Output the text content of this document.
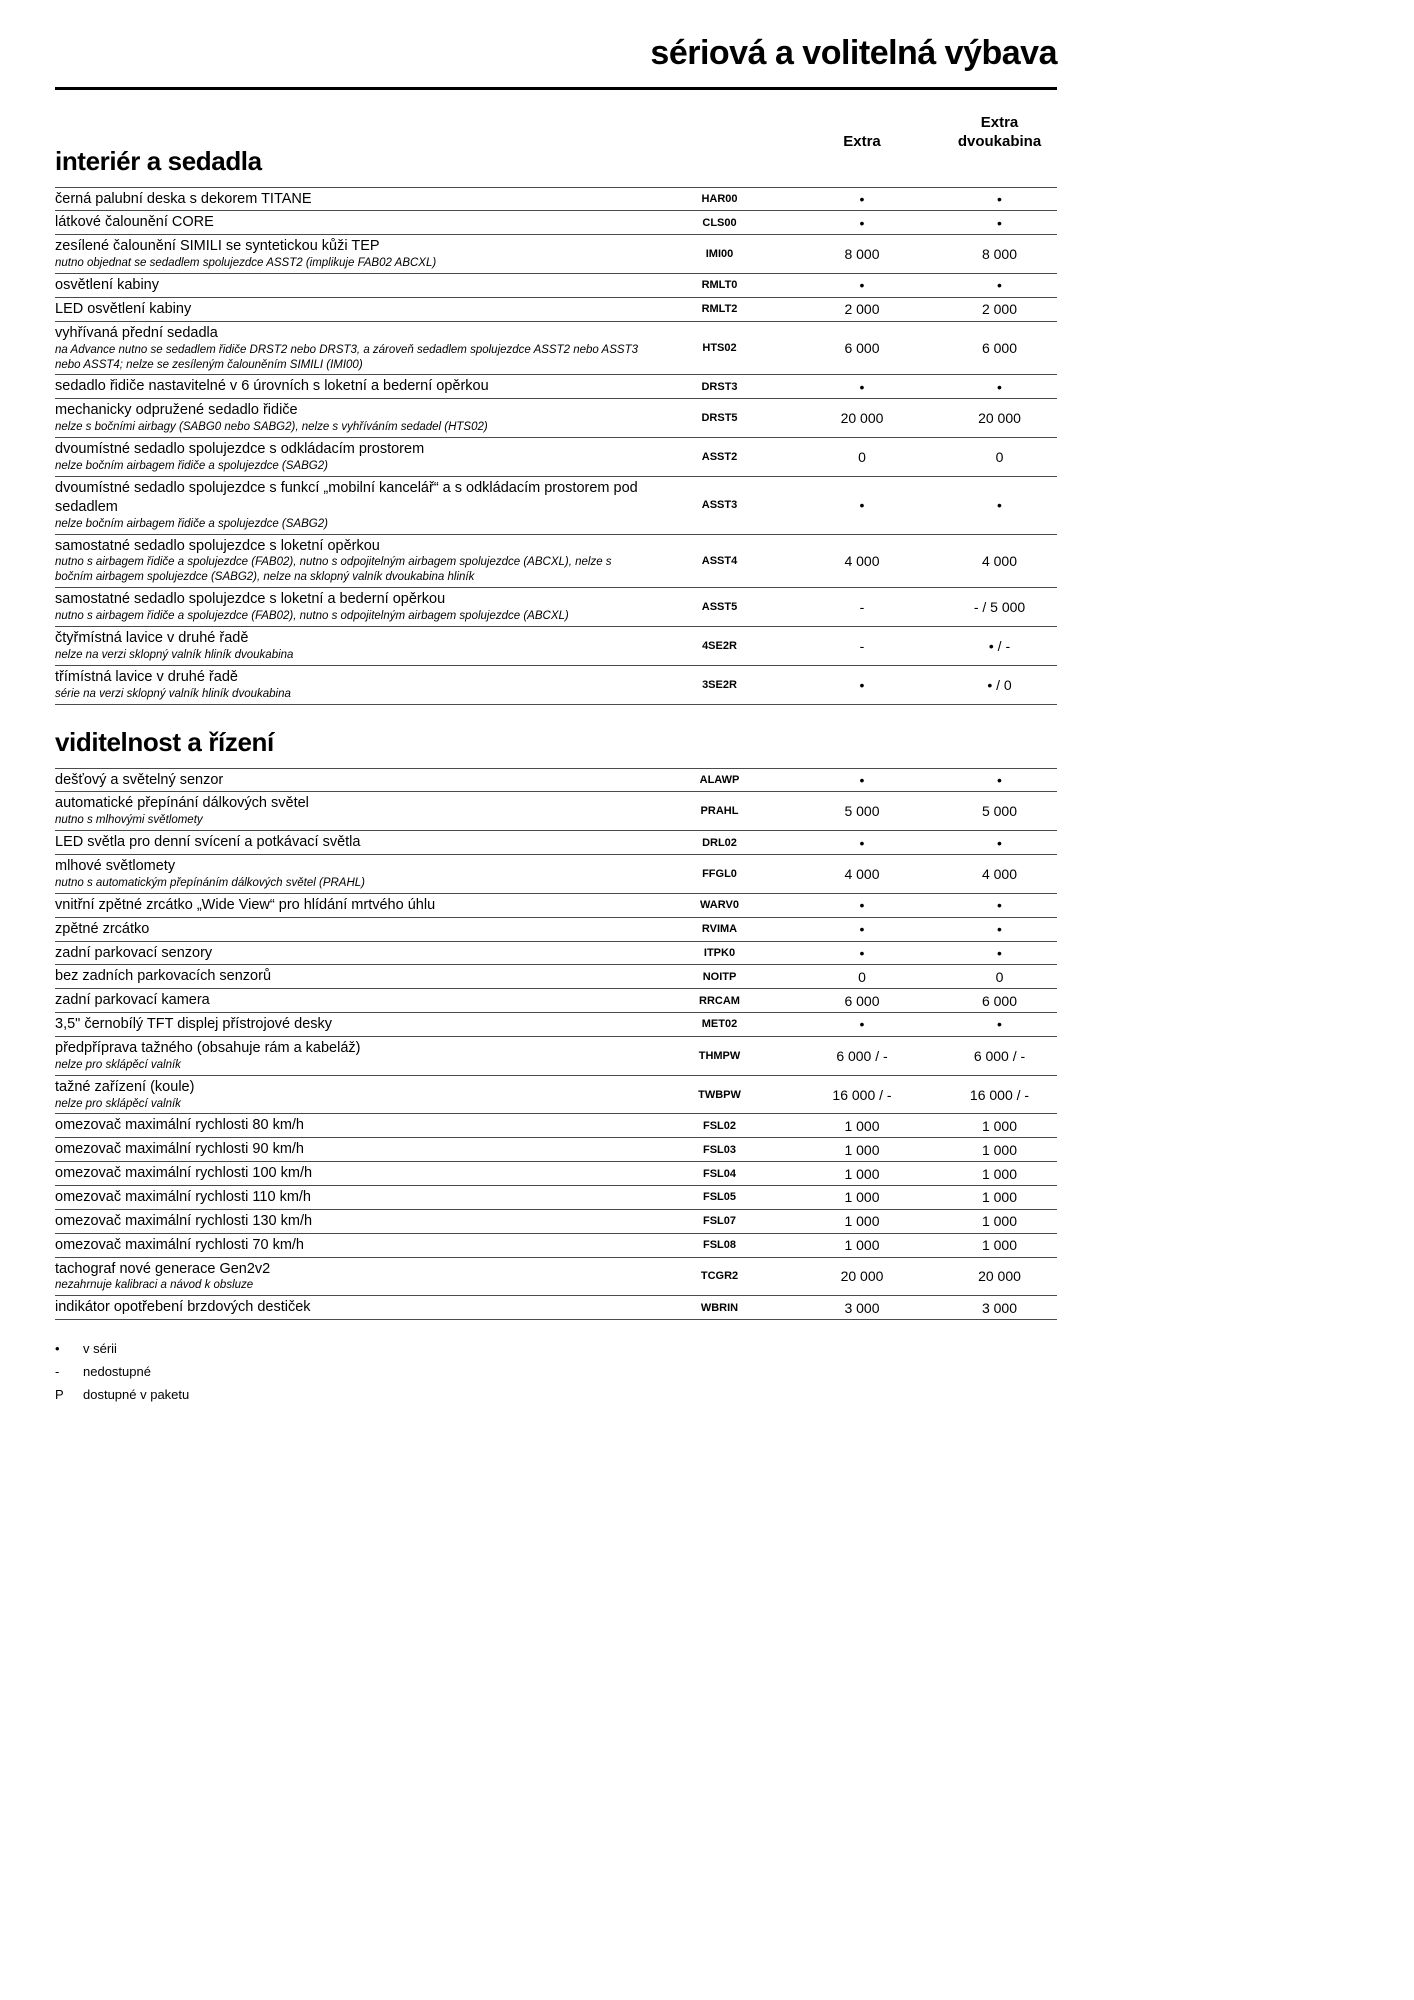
sériová a volitelná výbava
Extra
Extra dvoukabina
interiér a sedadla
černá palubní deska s dekorem TITANE	HAR00	•	•
látkové čalounění CORE	CLS00	•	•
zesílené čalounění SIMILI se syntetickou kůži TEP
nutno objednat se sedadlem spolujezdce ASST2 (implikuje FAB02 ABCXL)
IMI00	8 000	8 000
osvětlení kabiny	RMLT0	•	•
LED osvětlení kabiny	RMLT2	2 000	2 000
vyhřívaná přední sedadla
na Advance nutno se sedadlem řidiče DRST2 nebo DRST3, a zároveň sedadlem spolujezdce ASST2 nebo ASST3 nebo ASST4; nelze se zesíleným čalouněním SIMILI (IMI00)
HTS02	6 000	6 000
sedadlo řidiče nastavitelné v 6 úrovních s loketní a bederní opěrkou	DRST3	•	•
mechanicky odpružené sedadlo řidiče
nelze s bočními airbagy (SABG0 nebo SABG2), nelze s vyhříváním sedadel (HTS02)
DRST5	20 000	20 000
dvoumístné sedadlo spolujezdce s odkládacím prostorem
nelze bočním airbagem řidiče a spolujezdce (SABG2)
ASST2	0	0
dvoumístné sedadlo spolujezdce s funkcí „mobilní kancelář“ a s odkládacím prostorem pod sedadlem
nelze bočním airbagem řidiče a spolujezdce (SABG2)
ASST3	•	•
samostatné sedadlo spolujezdce s loketní opěrkou
nutno s airbagem řidiče a spolujezdce (FAB02), nutno s odpojitelným airbagem spolujezdce (ABCXL), nelze s bočním airbagem spolujezdce (SABG2), nelze na sklopný valník dvoukabina hliník
ASST4	4 000	4 000
samostatné sedadlo spolujezdce s loketní a bederní opěrkou
nutno s airbagem řidiče a spolujezdce (FAB02), nutno s odpojitelným airbagem spolujezdce (ABCXL)
ASST5	-	- / 5 000
čtyřmístná lavice v druhé řadě
nelze na verzi sklopný valník hliník dvoukabina
4SE2R	-	• / -
třímístná lavice v druhé řadě
série na verzi sklopný valník hliník dvoukabina
3SE2R	•	• / 0
viditelnost a řízení
dešťový a světelný senzor	ALAWP	•	•
automatické přepínání dálkových světel
nutno s mlhovými světlomety
PRAHL	5 000	5 000
LED světla pro denní svícení a potkávací světla	DRL02	•	•
mlhové světlomety
nutno s automatickým přepínáním dálkových světel (PRAHL)
FFGL0	4 000	4 000
vnitřní zpětné zrcátko „Wide View“ pro hlídání mrtvého úhlu	WARV0	•	•
zpětné zrcátko	RVIMA	•	•
zadní parkovací senzory	ITPK0	•	•
bez zadních parkovacích senzorů	NOITP	0	0
zadní parkovací kamera	RRCAM	6 000	6 000
3,5" černobílý TFT displej přístrojové desky	MET02	•	•
předpříprava tažného (obsahuje rám a kabeláž)
nelze pro sklápěcí valník
THMPW	6 000 / -	6 000 / -
tažné zařízení (koule)
nelze pro sklápěcí valník
TWBPW	16 000 / -	16 000 / -
omezovač maximální rychlosti 80 km/h	FSL02	1 000	1 000
omezovač maximální rychlosti 90 km/h	FSL03	1 000	1 000
omezovač maximální rychlosti 100 km/h	FSL04	1 000	1 000
omezovač maximální rychlosti 110 km/h	FSL05	1 000	1 000
omezovač maximální rychlosti 130 km/h	FSL07	1 000	1 000
omezovač maximální rychlosti 70 km/h	FSL08	1 000	1 000
tachograf nové generace Gen2v2
nezahrnuje kalibraci a návod k obsluze
TCGR2	20 000	20 000
indikátor opotřebení brzdových destiček	WBRIN	3 000	3 000
•	v sérii
-	nedostupné
P	dostupné v paketu
